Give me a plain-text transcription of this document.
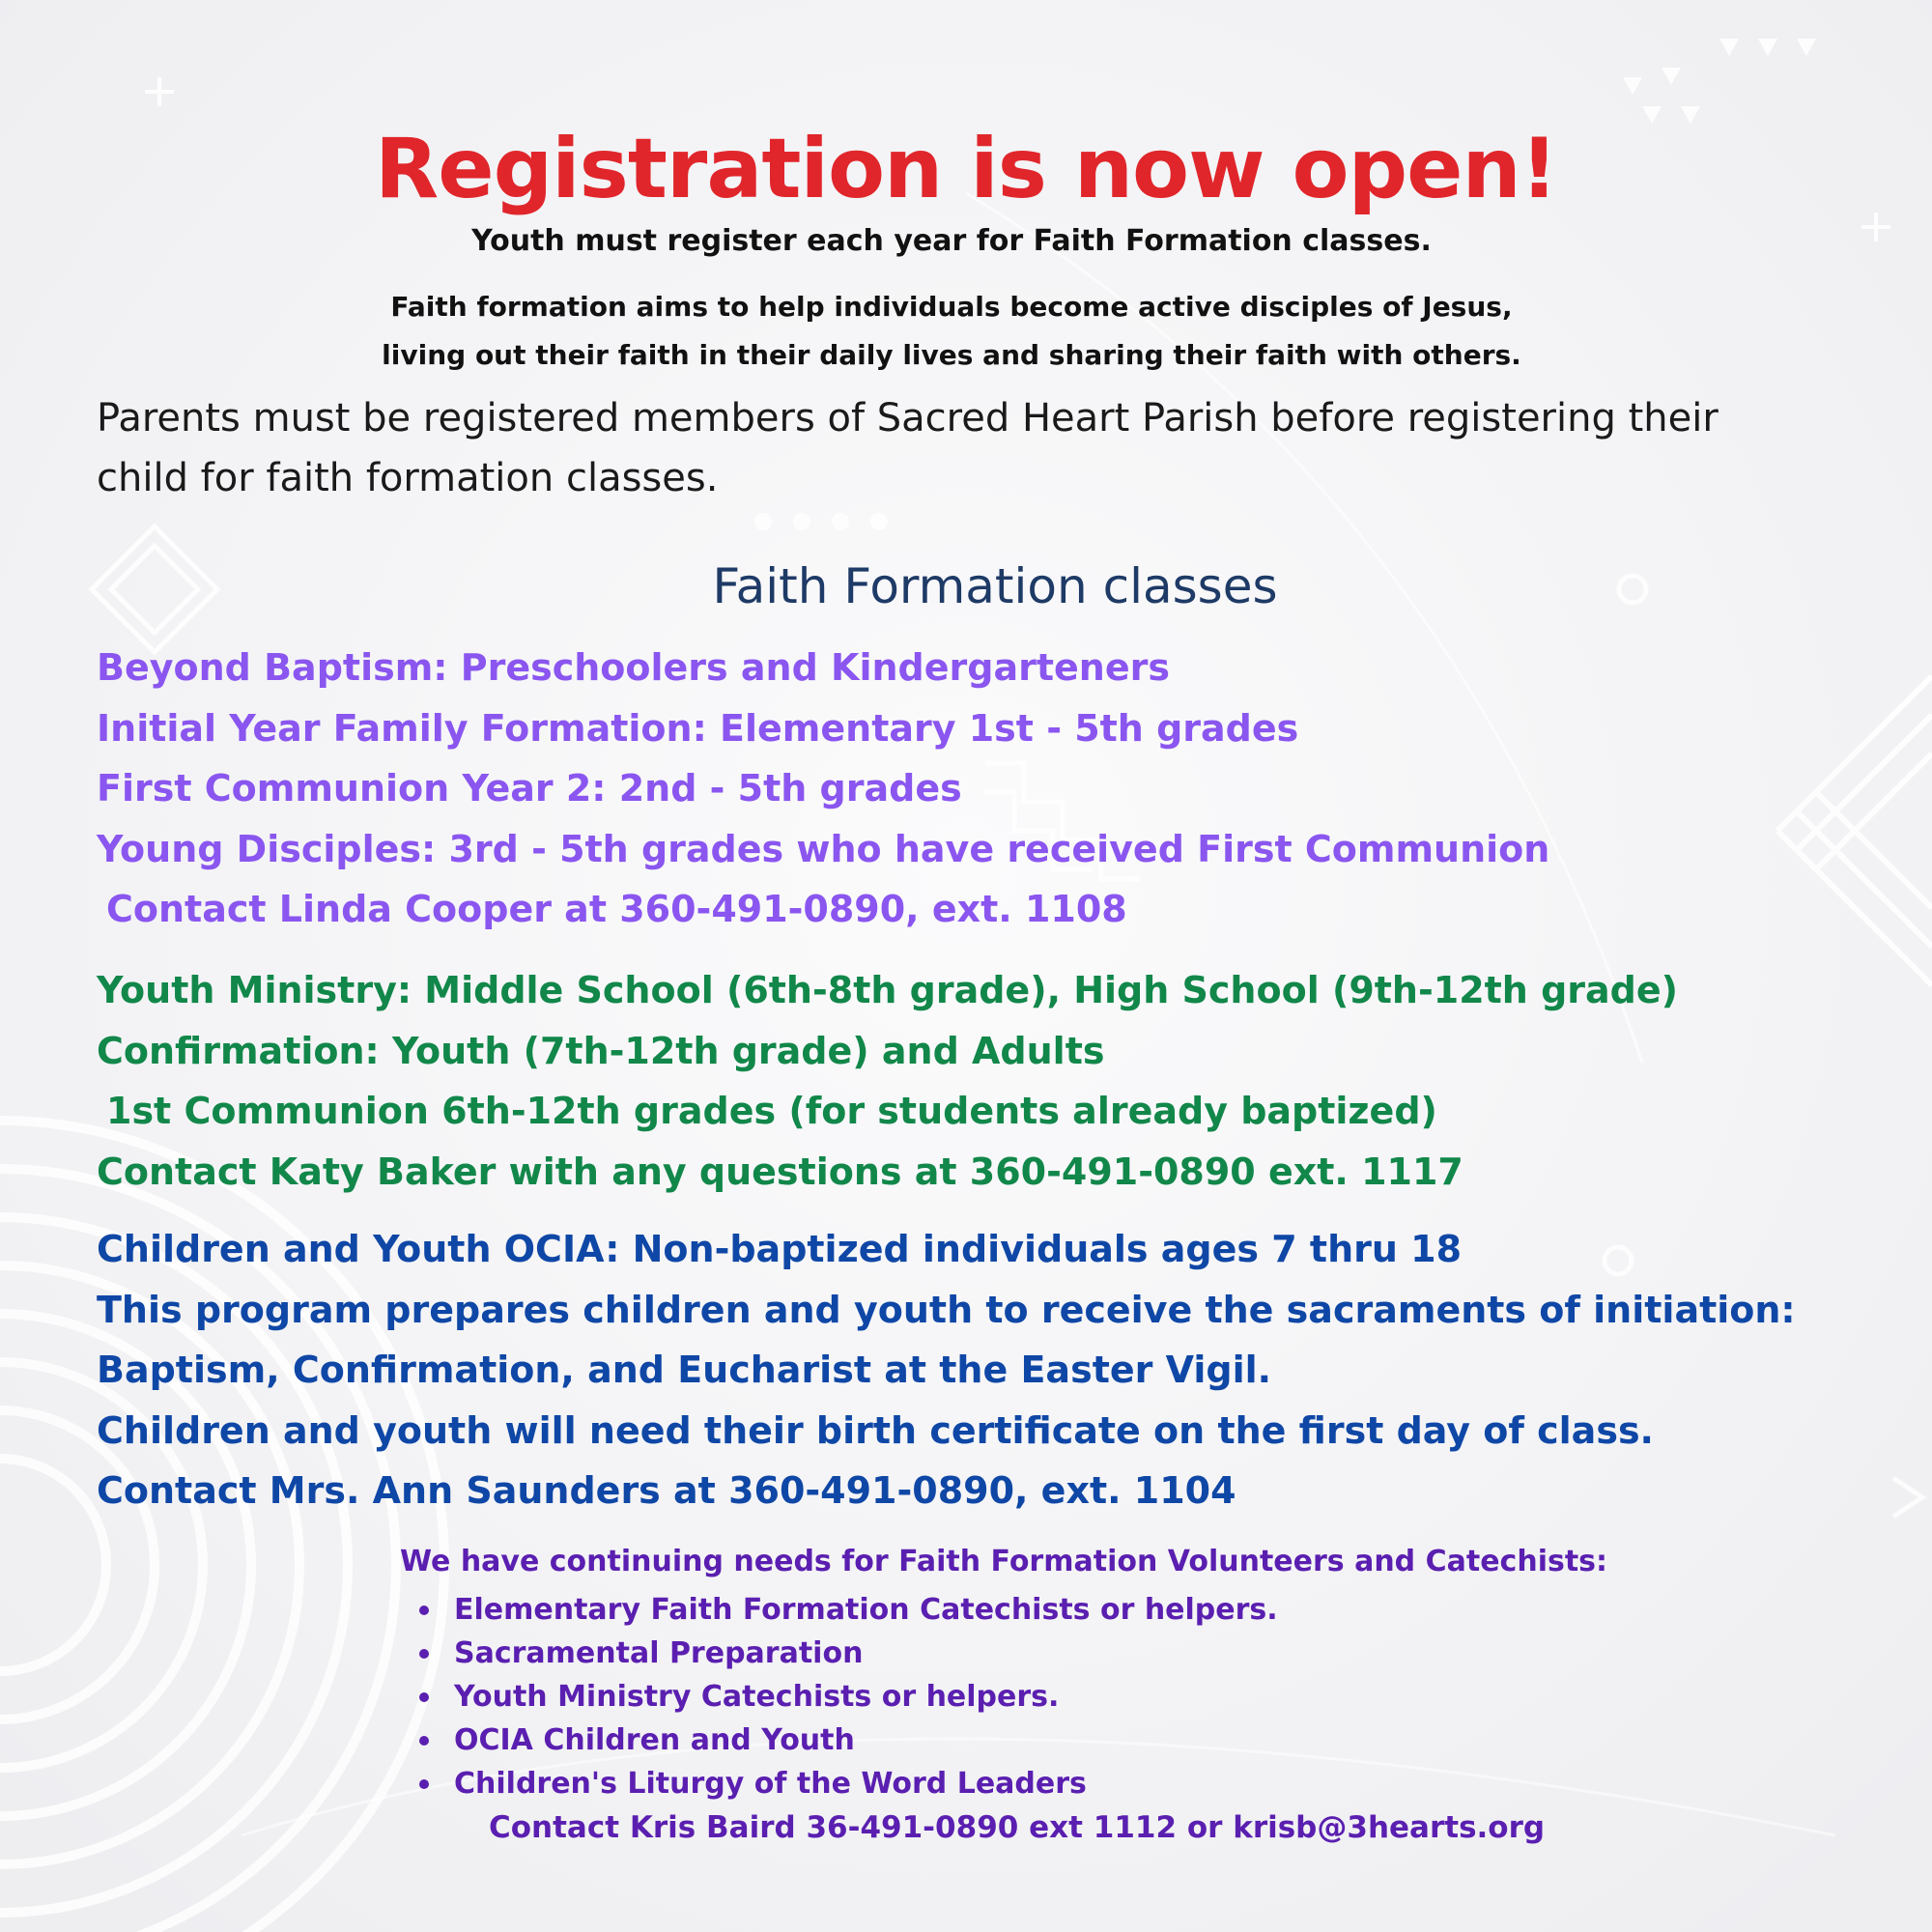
Registration is now open!
Youth must register each year for Faith Formation classes.
Faith formation aims to help individuals become active disciples of Jesus,
living out their faith in their daily lives and sharing their faith with others.
Parents must be registered members of Sacred Heart Parish before registering their
child for faith formation classes.
Faith Formation classes
Beyond Baptism: Preschoolers and Kindergarteners
Initial Year Family Formation: Elementary 1st - 5th grades
First Communion Year 2: 2nd - 5th grades
Young Disciples: 3rd - 5th grades who have received First Communion
Contact Linda Cooper at 360-491-0890, ext. 1108
Youth Ministry: Middle School (6th-8th grade), High School (9th-12th grade)
Confirmation: Youth (7th-12th grade) and Adults
1st Communion 6th-12th grades (for students already baptized)
Contact Katy Baker with any questions at 360-491-0890 ext. 1117
Children and Youth OCIA: Non-baptized individuals ages 7 thru 18
This program prepares children and youth to receive the sacraments of initiation:
Baptism, Confirmation, and Eucharist at the Easter Vigil.
Children and youth will need their birth certificate on the first day of class.
Contact Mrs. Ann Saunders at 360-491-0890, ext. 1104
We have continuing needs for Faith Formation Volunteers and Catechists:
Elementary Faith Formation Catechists or helpers.
Sacramental Preparation
Youth Ministry Catechists or helpers.
OCIA Children and Youth
Children's Liturgy of the Word Leaders
Contact Kris Baird 36-491-0890 ext 1112 or krisb@3hearts.org
